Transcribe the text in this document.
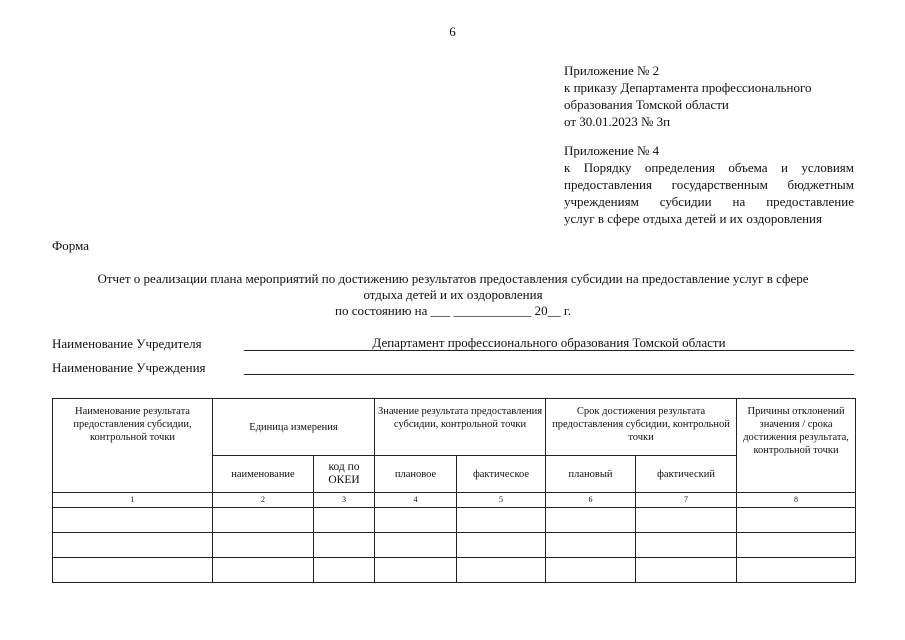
6
Приложение № 2
к приказу Департамента профессионального
образования Томской области
от 30.01.2023 № 3п
Приложение № 4
к Порядку определения объема и условиям
предоставления государственным бюджетным
учреждениям субсидии на предоставление
услуг в сфере отдыха детей и их оздоровления
Форма
Отчет о реализации плана мероприятий по достижению результатов предоставления субсидии на предоставление услуг в сфере
отдыха детей и их оздоровления
по состоянию на ___ ____________ 20__ г.
Наименование Учредителя	Департамент профессионального образования Томской области
Наименование Учреждения
Наименование результата предоставления субсидии, контрольной точки	Единица измерения		Значение результата предоставления субсидии, контрольной точки		Срок достижения результата предоставления субсидии, контрольной точки		Причины отклонений значения / срока достижения результата, контрольной точки
	наименование	код по ОКЕИ	плановое	фактическое	плановый	фактический	
1	2	3	4	5	6	7	8
